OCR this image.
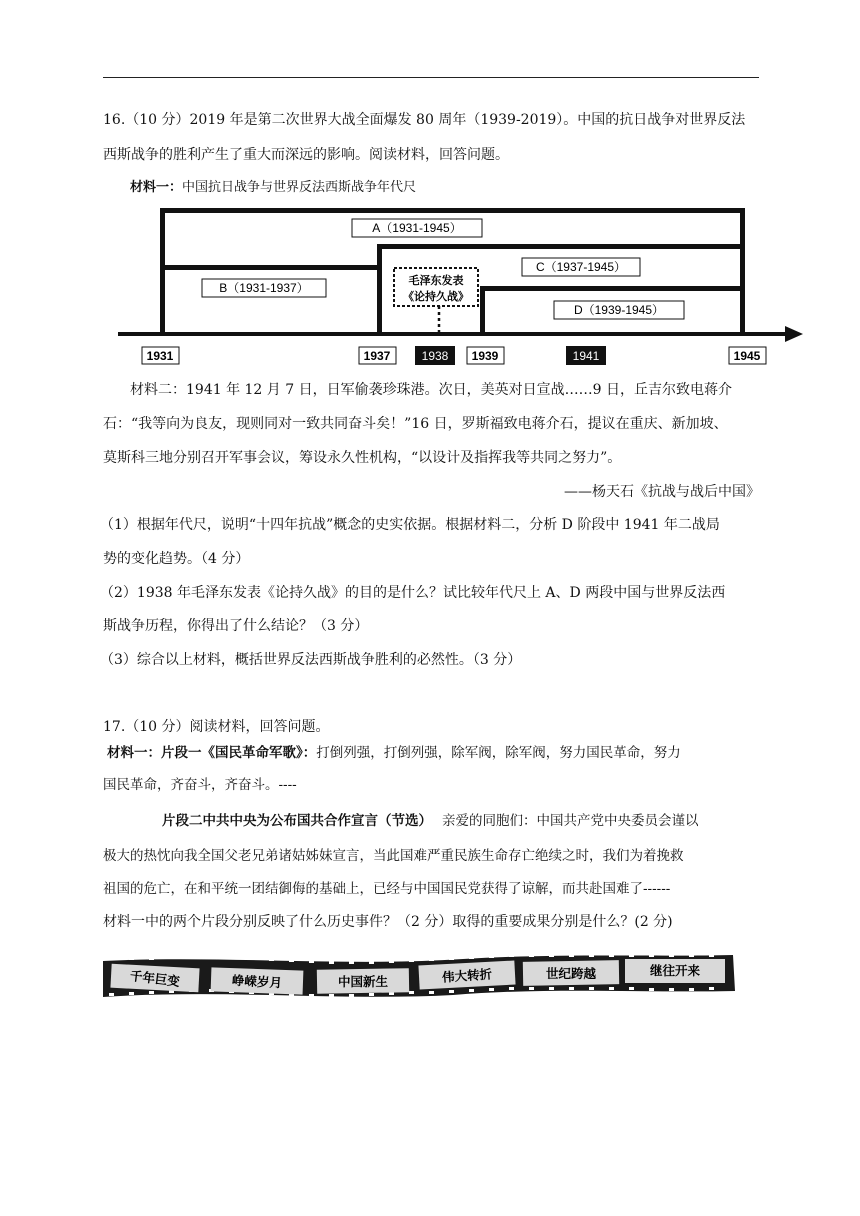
16.（10 分）2019 年是第二次世界大战全面爆发 80 周年（1939-2019）。中国的抗日战争对世界反法
西斯战争的胜利产生了重大而深远的影响。阅读材料，回答问题。
材料一：中国抗日战争与世界反法西斯战争年代尺
A（1931-1945）
B（1931-1937）
C（1937-1945）
D（1939-1945）
毛泽东发表
《论持久战》
1931	1937	1938 1939	1941	1945
材料二：1941 年 12 月 7 日，日军偷袭珍珠港。次日，美英对日宣战……9 日，丘吉尔致电蒋介
石：“我等向为良友，现则同对一致共同奋斗矣！”16 日，罗斯福致电蒋介石，提议在重庆、新加坡、
莫斯科三地分别召开军事会议，筹设永久性机构，“以设计及指挥我等共同之努力”。
——杨天石《抗战与战后中国》
（1）根据年代尺，说明“十四年抗战”概念的史实依据。根据材料二，分析 D 阶段中 1941 年二战局
势的变化趋势。（4 分）
（2）1938 年毛泽东发表《论持久战》的目的是什么？试比较年代尺上 A、D 两段中国与世界反法西
斯战争历程，你得出了什么结论？（3 分）
（3）综合以上材料，概括世界反法西斯战争胜利的必然性。（3 分）
17.（10 分）阅读材料，回答问题。
材料一：片段一《国民革命军歌》：打倒列强，打倒列强，除军阀，除军阀，努力国民革命，努力
国民革命，齐奋斗，齐奋斗。----
片段二中共中央为公布国共合作宣言（节选） 亲爱的同胞们：中国共产党中央委员会谨以
极大的热忱向我全国父老兄弟诸姑姊妹宣言，当此国难严重民族生命存亡绝续之时，我们为着挽救
祖国的危亡，在和平统一团结御侮的基础上，已经与中国国民党获得了谅解，而共赴国难了------
材料一中的两个片段分别反映了什么历史事件？（2 分）取得的重要成果分别是什么？(2 分)
千年巨变	峥嵘岁月	中国新生	伟大转折	世纪跨越	继往开来
